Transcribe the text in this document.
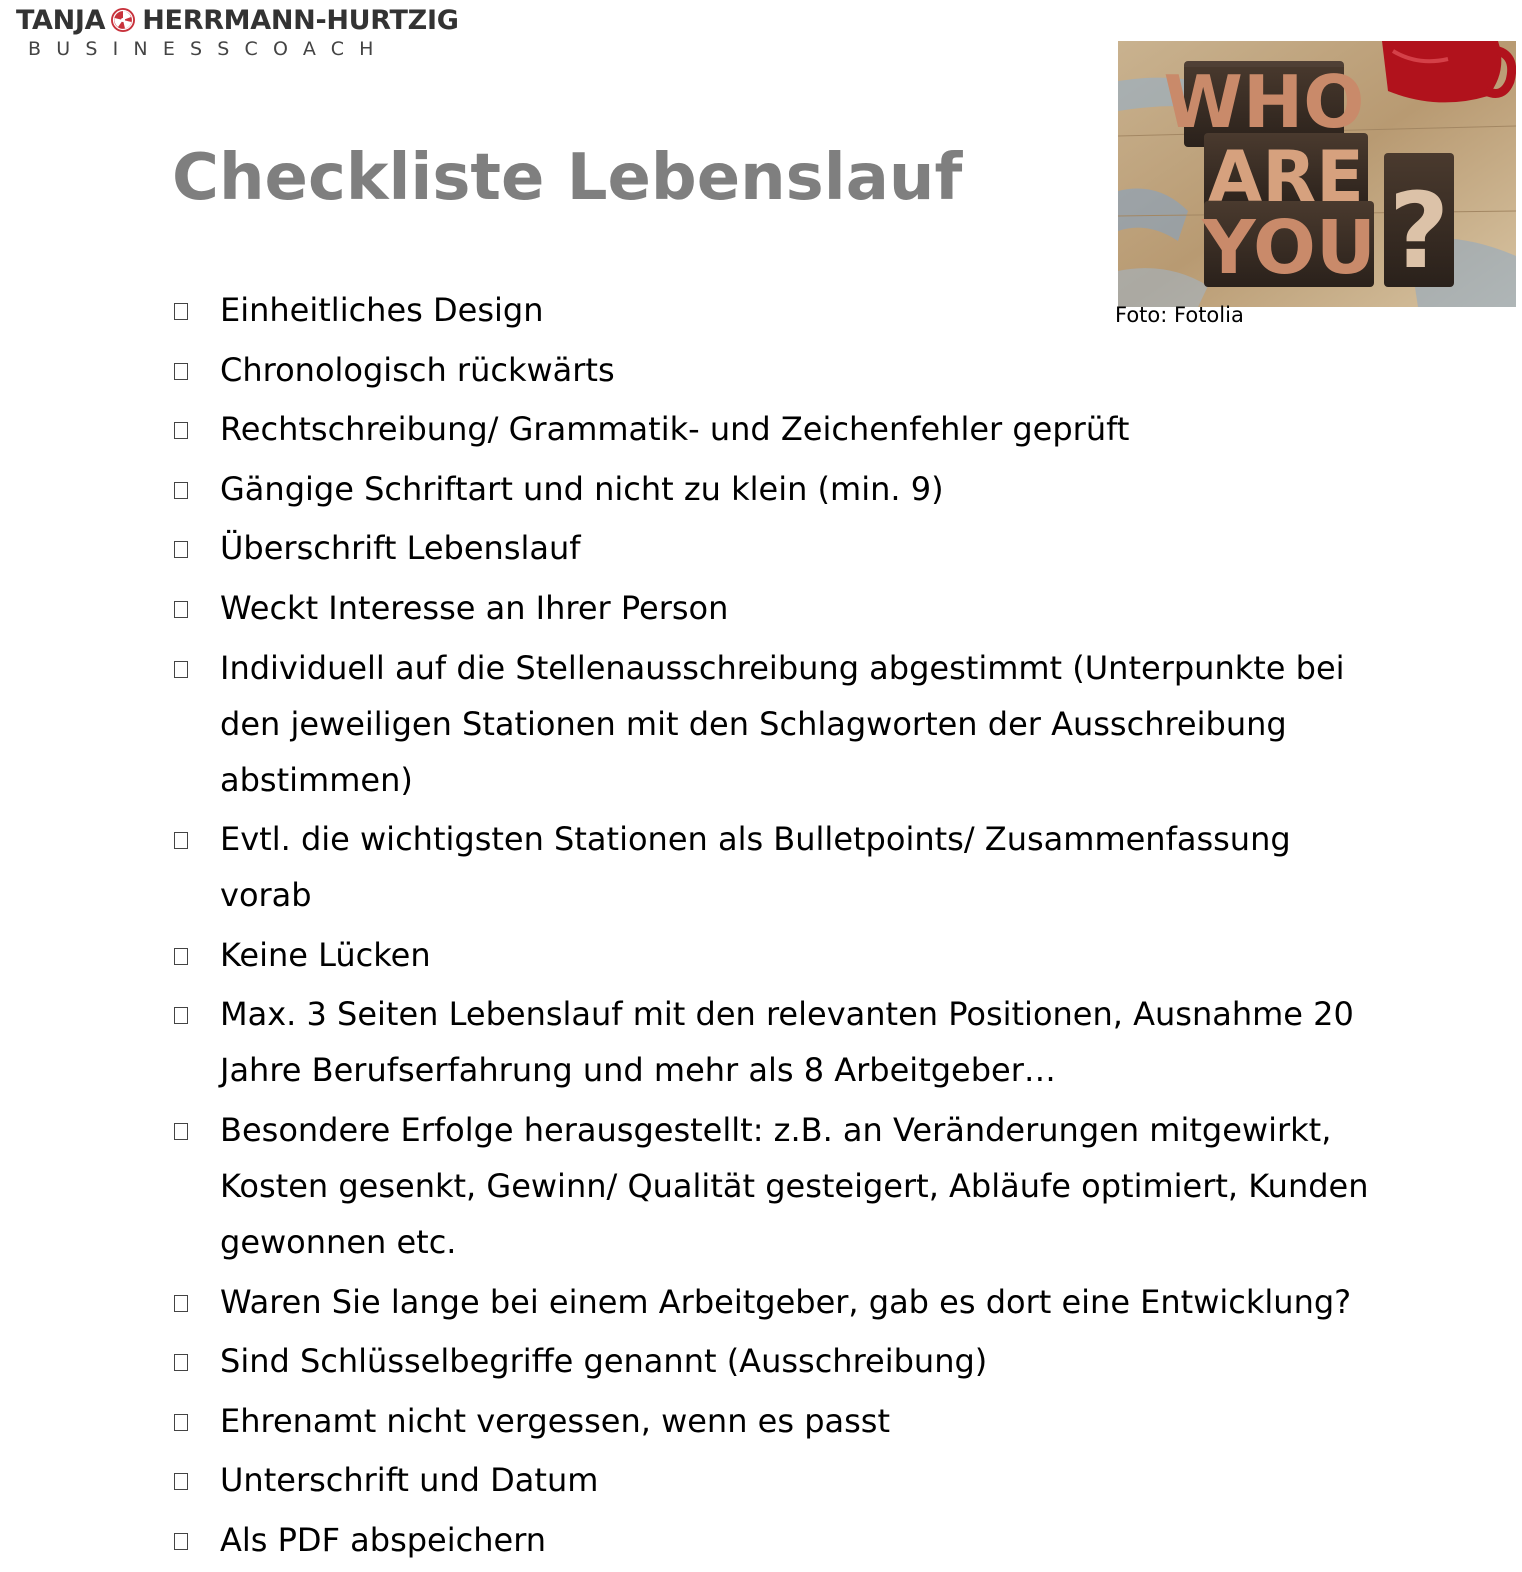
TANJA HERRMANN-HURTZIG
BUSINESSCOACH
Checkliste Lebenslauf
WHO
ARE
YOU ?
Foto: Fotolia
Einheitliches Design
Chronologisch rückwärts
Rechtschreibung/ Grammatik- und Zeichenfehler geprüft
Gängige Schriftart und nicht zu klein (min. 9)
Überschrift Lebenslauf
Weckt Interesse an Ihrer Person
Individuell auf die Stellenausschreibung abgestimmt (Unterpunkte bei den jeweiligen Stationen mit den Schlagworten der Ausschreibung abstimmen)
Evtl. die wichtigsten Stationen als Bulletpoints/ Zusammenfassung vorab
Keine Lücken
Max. 3 Seiten Lebenslauf mit den relevanten Positionen, Ausnahme 20 Jahre Berufserfahrung und mehr als 8 Arbeitgeber…
Besondere Erfolge herausgestellt: z.B. an Veränderungen mitgewirkt, Kosten gesenkt, Gewinn/ Qualität gesteigert, Abläufe optimiert, Kunden gewonnen etc.
Waren Sie lange bei einem Arbeitgeber, gab es dort eine Entwicklung?
Sind Schlüsselbegriffe genannt (Ausschreibung)
Ehrenamt nicht vergessen, wenn es passt
Unterschrift und Datum
Als PDF abspeichern
